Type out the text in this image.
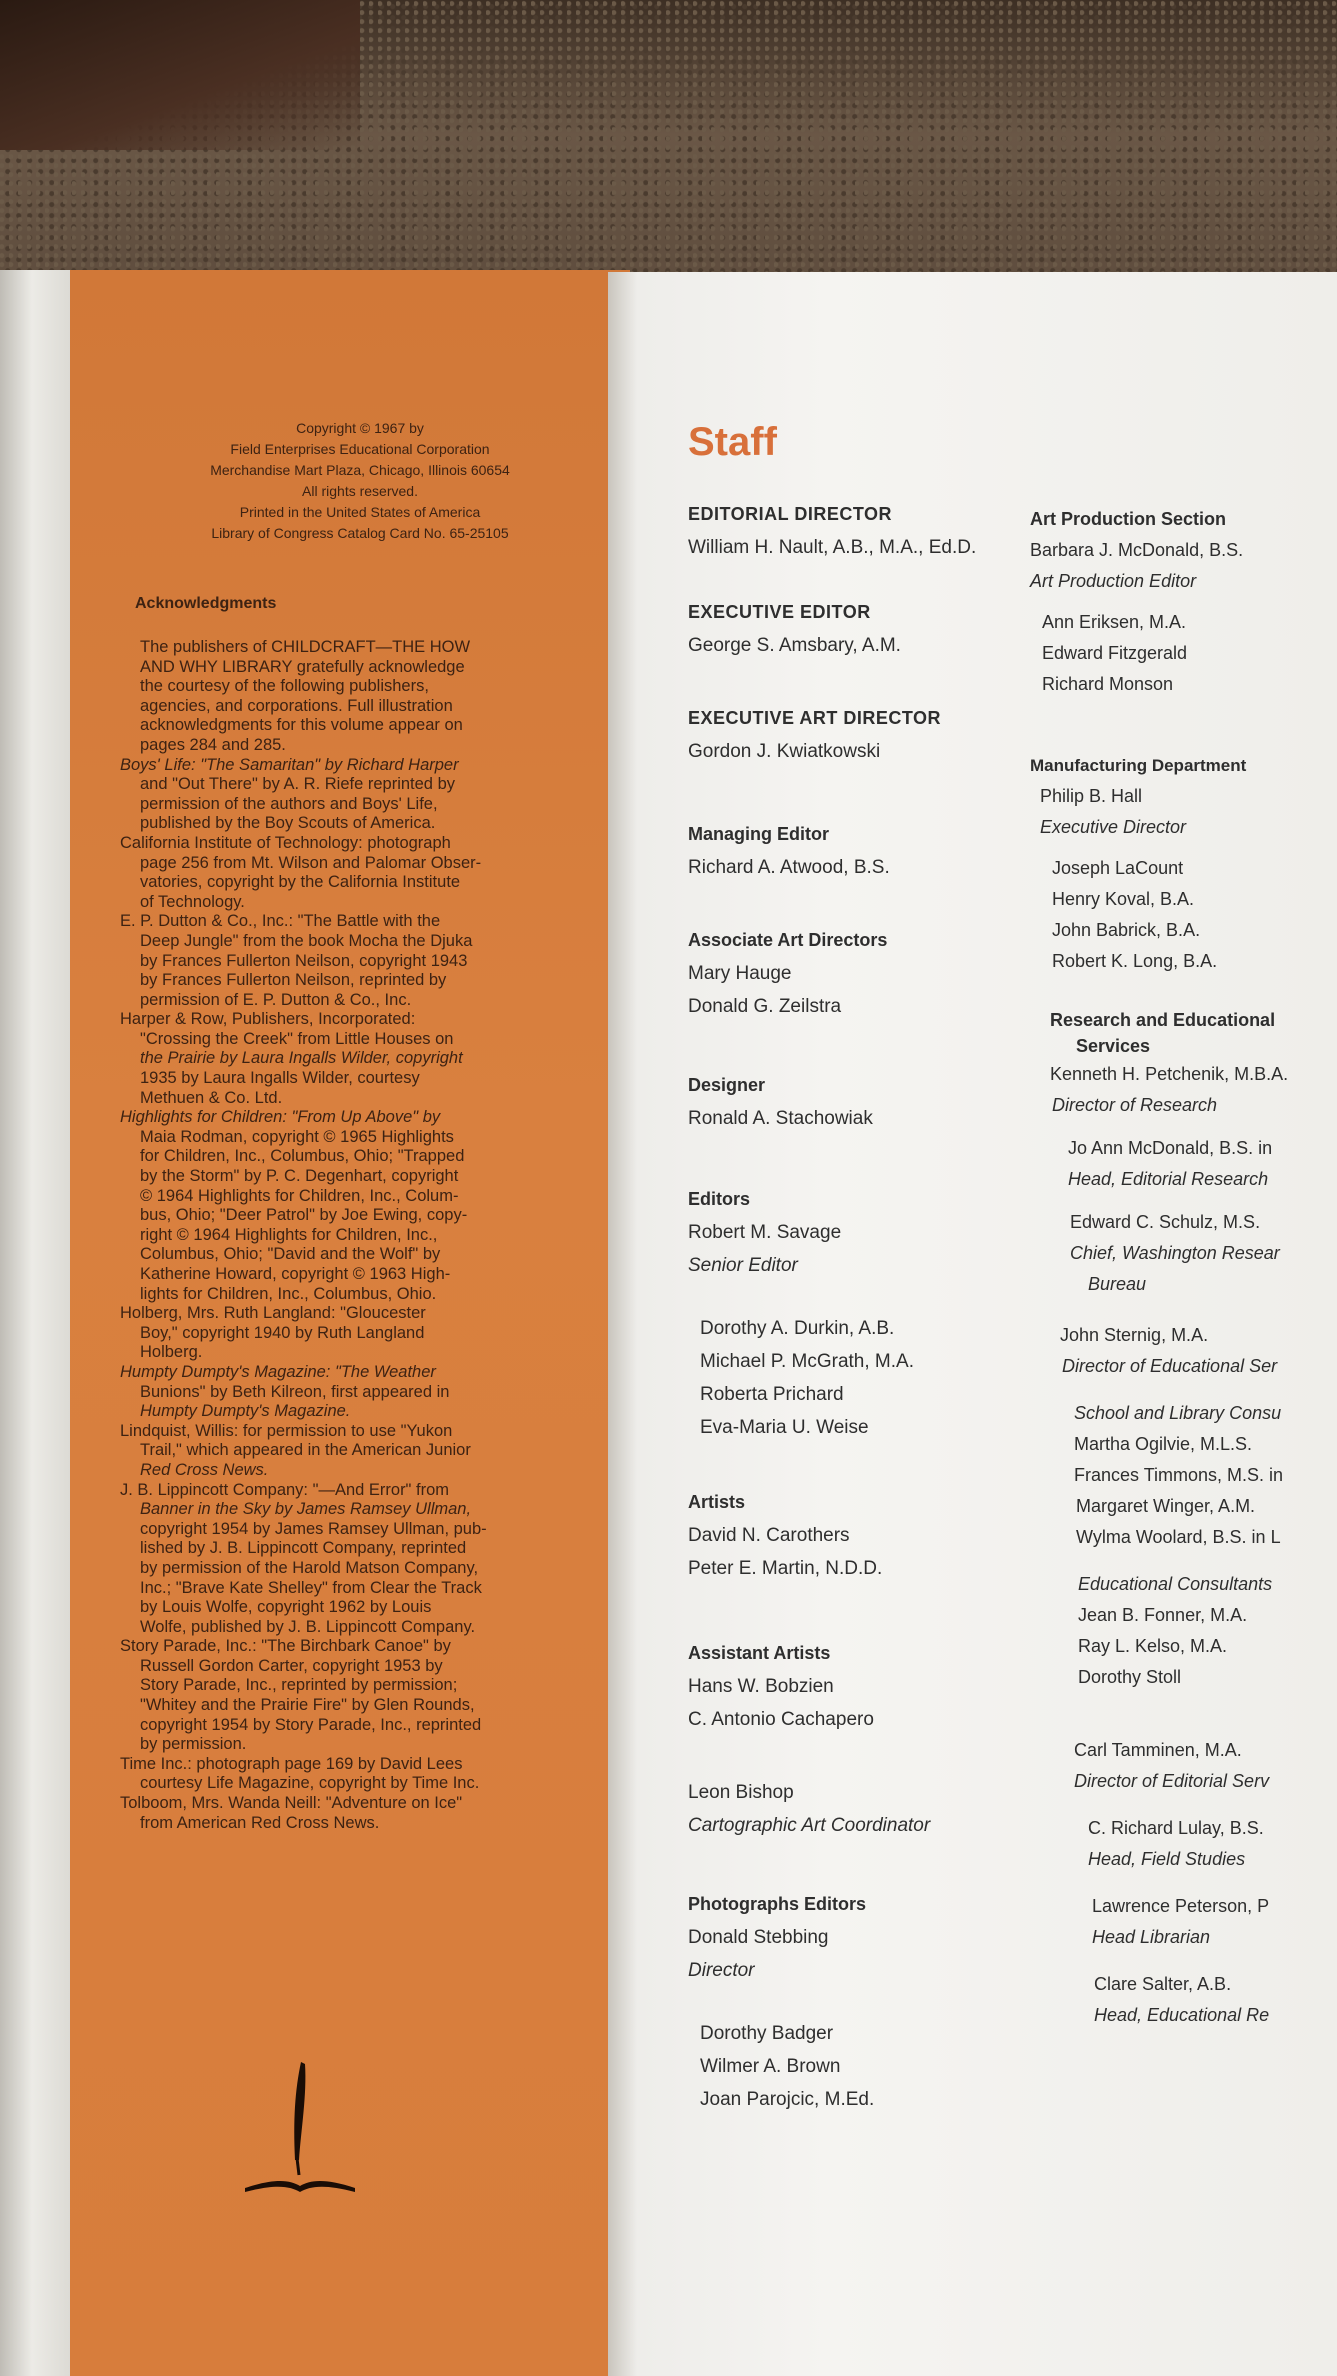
Copyright © 1967 by
Field Enterprises Educational Corporation
Merchandise Mart Plaza, Chicago, Illinois 60654
All rights reserved.
Printed in the United States of America
Library of Congress Catalog Card No. 65-25105
Acknowledgments
The publishers of CHILDCRAFT—THE HOW
AND WHY LIBRARY gratefully acknowledge
the courtesy of the following publishers,
agencies, and corporations. Full illustration
acknowledgments for this volume appear on
pages 284 and 285.
Boys' Life: "The Samaritan" by Richard Harper
and "Out There" by A. R. Riefe reprinted by
permission of the authors and Boys' Life,
published by the Boy Scouts of America.
California Institute of Technology: photograph
page 256 from Mt. Wilson and Palomar Obser-
vatories, copyright by the California Institute
of Technology.
E. P. Dutton & Co., Inc.: "The Battle with the
Deep Jungle" from the book Mocha the Djuka
by Frances Fullerton Neilson, copyright 1943
by Frances Fullerton Neilson, reprinted by
permission of E. P. Dutton & Co., Inc.
Harper & Row, Publishers, Incorporated:
"Crossing the Creek" from Little Houses on
the Prairie by Laura Ingalls Wilder, copyright
1935 by Laura Ingalls Wilder, courtesy
Methuen & Co. Ltd.
Highlights for Children: "From Up Above" by
Maia Rodman, copyright © 1965 Highlights
for Children, Inc., Columbus, Ohio; "Trapped
by the Storm" by P. C. Degenhart, copyright
© 1964 Highlights for Children, Inc., Colum-
bus, Ohio; "Deer Patrol" by Joe Ewing, copy-
right © 1964 Highlights for Children, Inc.,
Columbus, Ohio; "David and the Wolf" by
Katherine Howard, copyright © 1963 High-
lights for Children, Inc., Columbus, Ohio.
Holberg, Mrs. Ruth Langland: "Gloucester
Boy," copyright 1940 by Ruth Langland
Holberg.
Humpty Dumpty's Magazine: "The Weather
Bunions" by Beth Kilreon, first appeared in
Humpty Dumpty's Magazine.
Lindquist, Willis: for permission to use "Yukon
Trail," which appeared in the American Junior
Red Cross News.
J. B. Lippincott Company: "—And Error" from
Banner in the Sky by James Ramsey Ullman,
copyright 1954 by James Ramsey Ullman, pub-
lished by J. B. Lippincott Company, reprinted
by permission of the Harold Matson Company,
Inc.; "Brave Kate Shelley" from Clear the Track
by Louis Wolfe, copyright 1962 by Louis
Wolfe, published by J. B. Lippincott Company.
Story Parade, Inc.: "The Birchbark Canoe" by
Russell Gordon Carter, copyright 1953 by
Story Parade, Inc., reprinted by permission;
"Whitey and the Prairie Fire" by Glen Rounds,
copyright 1954 by Story Parade, Inc., reprinted
by permission.
Time Inc.: photograph page 169 by David Lees
courtesy Life Magazine, copyright by Time Inc.
Tolboom, Mrs. Wanda Neill: "Adventure on Ice"
from American Red Cross News.
Staff
EDITORIAL DIRECTOR
William H. Nault, A.B., M.A., Ed.D.
EXECUTIVE EDITOR
George S. Amsbary, A.M.
EXECUTIVE ART DIRECTOR
Gordon J. Kwiatkowski
Managing Editor
Richard A. Atwood, B.S.
Associate Art Directors
Mary Hauge
Donald G. Zeilstra
Designer
Ronald A. Stachowiak
Editors
Robert M. Savage
Senior Editor
Dorothy A. Durkin, A.B.
Michael P. McGrath, M.A.
Roberta Prichard
Eva-Maria U. Weise
Artists
David N. Carothers
Peter E. Martin, N.D.D.
Assistant Artists
Hans W. Bobzien
C. Antonio Cachapero
Leon Bishop
Cartographic Art Coordinator
Photographs Editors
Donald Stebbing
Director
Dorothy Badger
Wilmer A. Brown
Joan Parojcic, M.Ed.
Art Production Section
Barbara J. McDonald, B.S.
Art Production Editor
Ann Eriksen, M.A.
Edward Fitzgerald
Richard Monson
Manufacturing Department
Philip B. Hall
Executive Director
Joseph LaCount
Henry Koval, B.A.
John Babrick, B.A.
Robert K. Long, B.A.
Research and Educational
Services
Kenneth H. Petchenik, M.B.A.
Director of Research
Jo Ann McDonald, B.S. in
Head, Editorial Research
Edward C. Schulz, M.S.
Chief, Washington Resear
Bureau
John Sternig, M.A.
Director of Educational Ser
School and Library Consu
Martha Ogilvie, M.L.S.
Frances Timmons, M.S. in
Margaret Winger, A.M.
Wylma Woolard, B.S. in L
Educational Consultants
Jean B. Fonner, M.A.
Ray L. Kelso, M.A.
Dorothy Stoll
Carl Tamminen, M.A.
Director of Editorial Serv
C. Richard Lulay, B.S.
Head, Field Studies
Lawrence Peterson, P
Head Librarian
Clare Salter, A.B.
Head, Educational Re
